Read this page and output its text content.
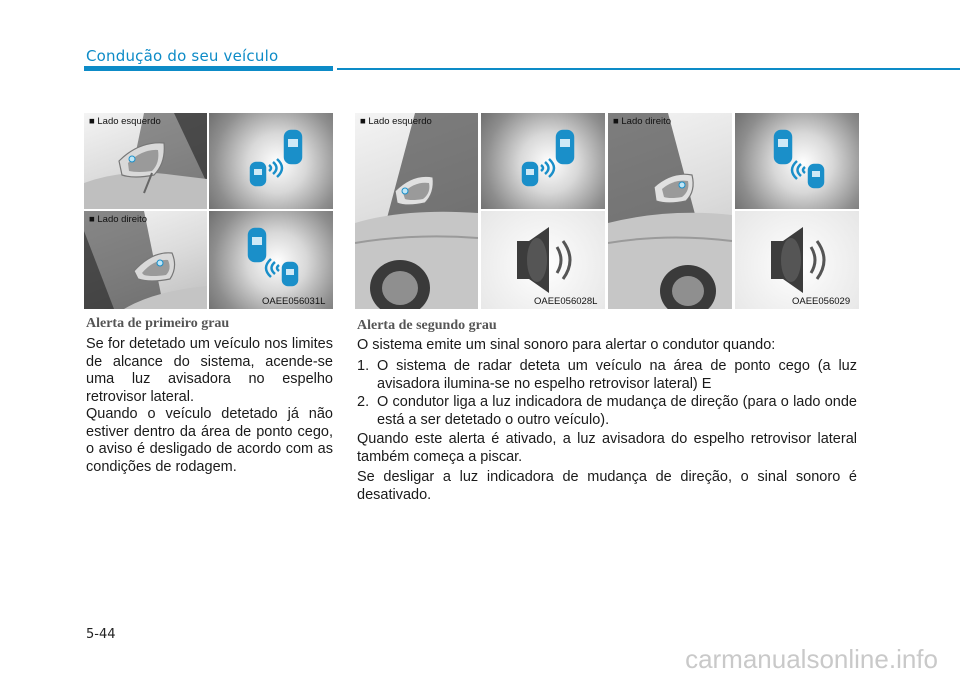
Condução do seu veículo
■ Lado esquerdo
■ Lado direito
OAEE056031L
■ Lado esquerdo
OAEE056028L
■ Lado direito
OAEE056029
Alerta de primeiro grau
Se for detetado um veículo nos limites de alcance do sistema, acende-se uma luz avisadora no espelho retrovisor lateral.
Quando o veículo detetado já não estiver dentro da área de ponto cego, o aviso é desligado de acordo com as condições de rodagem.
Alerta de segundo grau
O sistema emite um sinal sonoro para alertar o condutor quando:
1. O sistema de radar deteta um veículo na área de ponto cego (a luz avisadora ilumina-se no espelho retrovisor lateral) E
2. O condutor liga a luz indicadora de mudança de direção (para o lado onde está a ser detetado o outro veículo).
Quando este alerta é ativado, a luz avisadora do espelho retrovisor lateral também começa a piscar.
Se desligar a luz indicadora de mudança de direção, o sinal sonoro é desativado.
5-44
carmanualsonline.info
